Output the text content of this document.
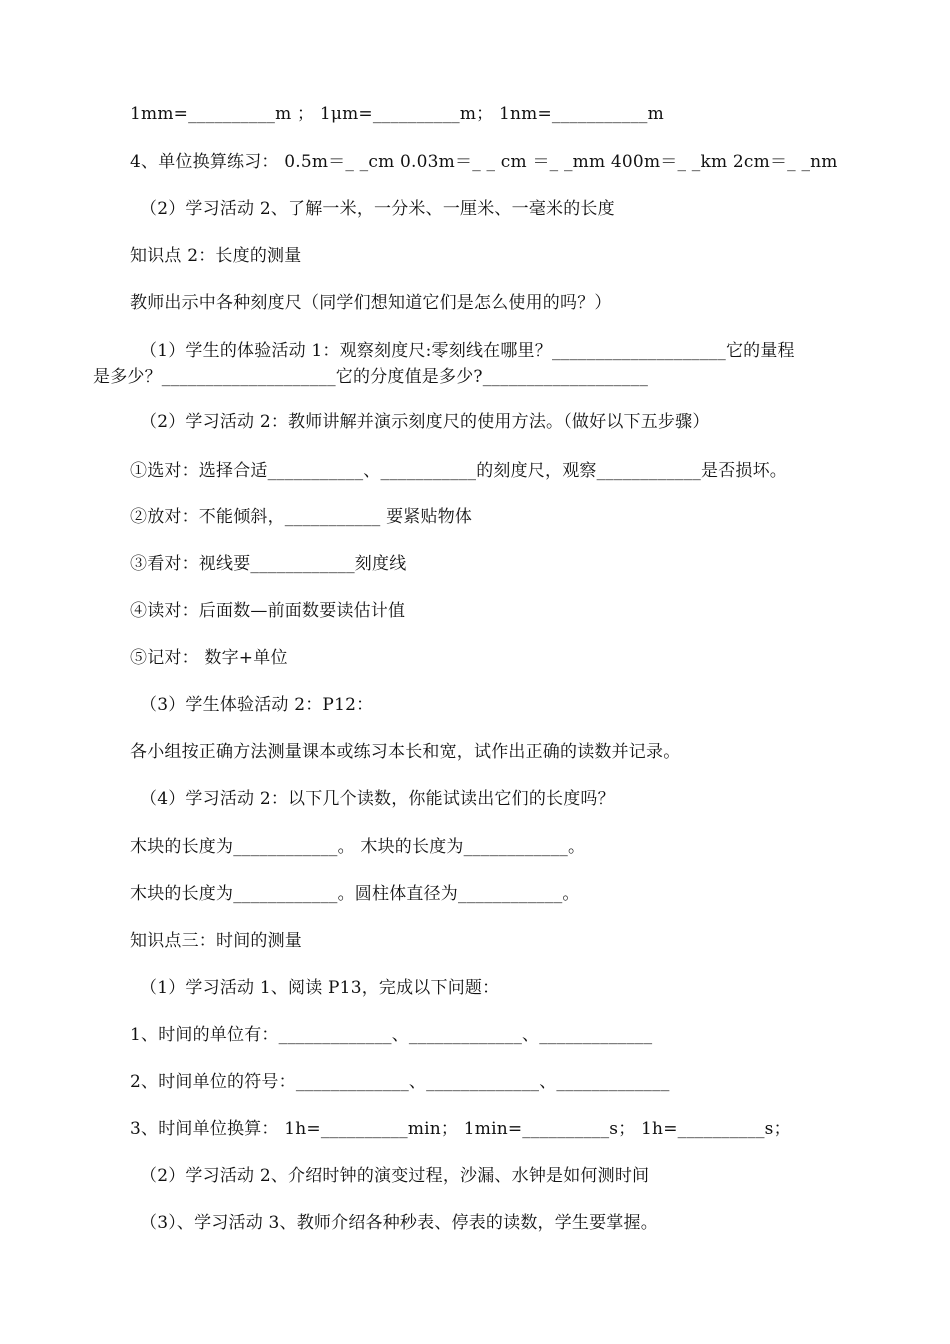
1mm=__________m ； 1μm=__________m； 1nm=___________m
4、单位换算练习： 0.5m＝_ _cm 0.03m＝_ _ cm ＝_ _mm 400m＝_ _km 2cm＝_ _nm
（2）学习活动 2、了解一米，一分米、一厘米、一毫米的长度
知识点 2：长度的测量
教师出示中各种刻度尺（同学们想知道它们是怎么使用的吗？）
（1）学生的体验活动 1：观察刻度尺:零刻线在哪里？____________________它的量程
是多少？____________________它的分度值是多少?___________________
（2）学习活动 2：教师讲解并演示刻度尺的使用方法。（做好以下五步骤）
①选对：选择合适___________、___________的刻度尺，观察____________是否损坏。
②放对：不能倾斜，___________ 要紧贴物体
③看对：视线要____________刻度线
④读对：后面数—前面数要读估计值
⑤记对： 数字+单位
（3）学生体验活动 2：P12：
各小组按正确方法测量课本或练习本长和宽，试作出正确的读数并记录。
（4）学习活动 2：以下几个读数，你能试读出它们的长度吗？
木块的长度为____________。 木块的长度为____________。
木块的长度为____________。圆柱体直径为____________。
知识点三：时间的测量
（1）学习活动 1、阅读 P13，完成以下问题：
1、时间的单位有：_____________、_____________、_____________
2、时间单位的符号：_____________、_____________、_____________
3、时间单位换算： 1h=__________min； 1min=__________s； 1h=__________s；
（2）学习活动 2、介绍时钟的演变过程，沙漏、水钟是如何测时间
（3）、学习活动 3、教师介绍各种秒表、停表的读数，学生要掌握。
